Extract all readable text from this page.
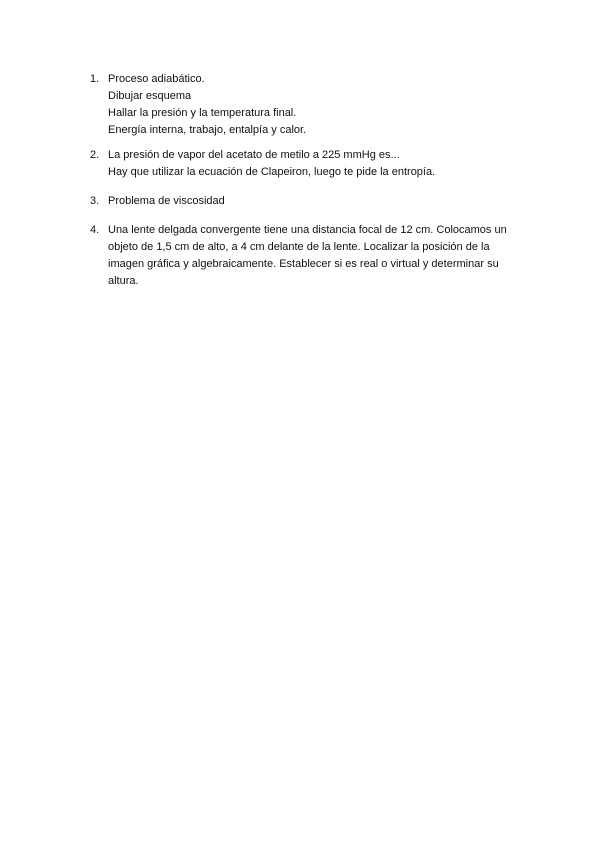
1. Proceso adiabático.
Dibujar esquema
Hallar la presión y la temperatura final.
Energía interna, trabajo, entalpía y calor.
2. La presión de vapor del acetato de metilo a 225 mmHg es...
Hay que utilizar la ecuación de Clapeiron, luego te pide la entropía.
3. Problema de viscosidad
4. Una lente delgada convergente tiene una distancia focal de 12 cm. Colocamos un objeto de 1,5 cm de alto, a 4 cm delante de la lente. Localizar la posición de la imagen gráfica y algebraicamente. Establecer si es real o virtual y determinar su altura.
